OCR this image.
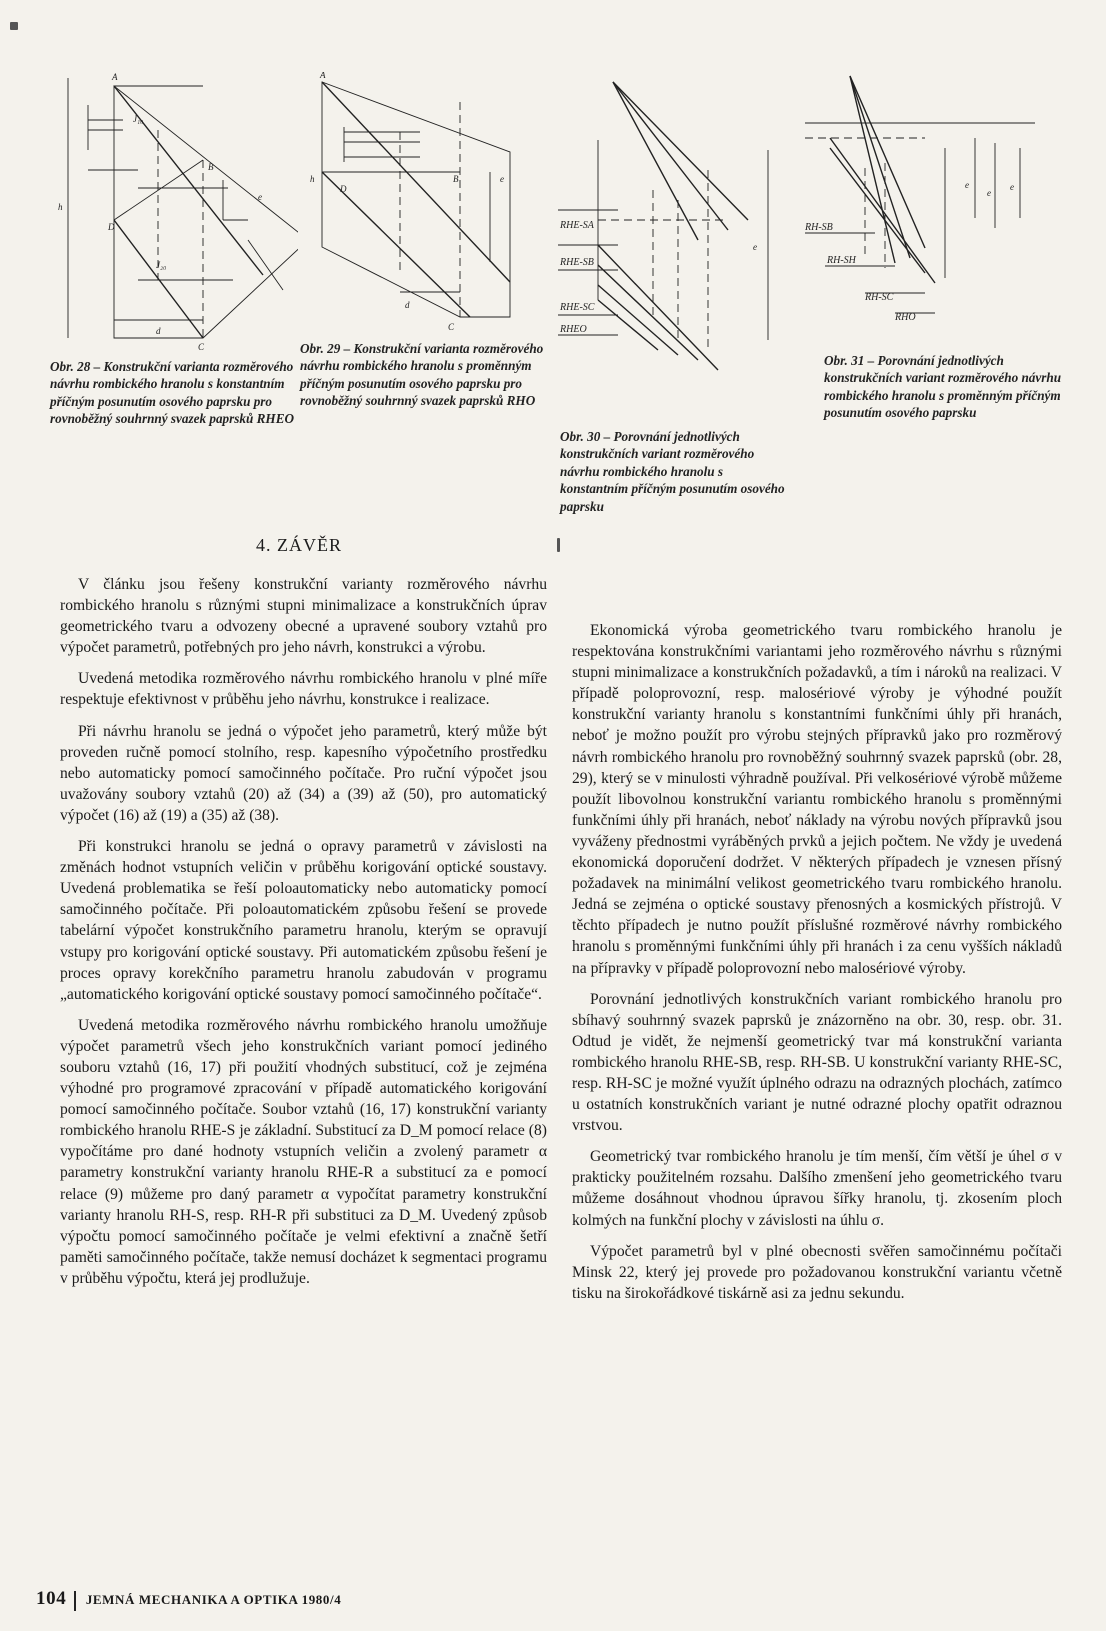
A
D
d
C
B
e
h
J₁₀
J₂₀
Obr. 28 – Konstrukční varianta rozměrového návrhu rombického hranolu s konstantním příčným posunutím osového paprsku pro rovnoběžný souhrnný svazek paprsků RHEO
A
B
C
D
d
e
h
Obr. 29 – Konstrukční varianta rozměrového návrhu rombického hranolu s proměnným příčným posunutím osového paprsku pro rovnoběžný souhrnný svazek paprsků RHO
RHE-SA
RHE-SB
RHE-SC
RHEO
e
Obr. 30 – Porovnání jednotlivých konstrukčních variant rozměrového návrhu rombického hranolu s konstantním příčným posunutím osového paprsku
RH-SB
RH-SH
RH-SC
RHO
e
e
e
Obr. 31 – Porovnání jednotlivých konstrukčních variant rozměrového návrhu rombického hranolu s proměnným příčným posunutím osového paprsku
4. ZÁVĚR

V článku jsou řešeny konstrukční varianty rozměrového návrhu rombického hranolu s různými stupni minimalizace a konstrukčních úprav geometrického tvaru a odvozeny obecné a upravené soubory vztahů pro výpočet parametrů, potřebných pro jeho návrh, konstrukci a výrobu.

Uvedená metodika rozměrového návrhu rombického hranolu v plné míře respektuje efektivnost v průběhu jeho návrhu, konstrukce i realizace.

Při návrhu hranolu se jedná o výpočet jeho parametrů, který může být proveden ručně pomocí stolního, resp. kapesního výpočetního prostředku nebo automaticky pomocí samočinného počítače. Pro ruční výpočet jsou uvažovány soubory vztahů (20) až (34) a (39) až (50), pro automatický výpočet (16) až (19) a (35) až (38).

Při konstrukci hranolu se jedná o opravy parametrů v závislosti na změnách hodnot vstupních veličin v průběhu korigování optické soustavy. Uvedená problematika se řeší poloautomaticky nebo automaticky pomocí samočinného počítače. Při poloautomatickém způsobu řešení se provede tabelární výpočet konstrukčního parametru hranolu, kterým se opravují vstupy pro korigování optické soustavy. Při automatickém způsobu řešení je proces opravy korekčního parametru hranolu zabudován v programu „automatického korigování optické soustavy pomocí samočinného počítače“.

Uvedená metodika rozměrového návrhu rombického hranolu umožňuje výpočet parametrů všech jeho konstrukčních variant pomocí jediného souboru vztahů (16, 17) při použití vhodných substitucí, což je zejména výhodné pro programové zpracování v případě automatického korigování pomocí samočinného počítače. Soubor vztahů (16, 17) konstrukční varianty rombického hranolu RHE-S je základní. Substitucí za D_M pomocí relace (8) vypočítáme pro dané hodnoty vstupních veličin a zvolený parametr α parametry konstrukční varianty hranolu RHE-R a substitucí za e pomocí relace (9) můžeme pro daný parametr α vypočítat parametry konstrukční varianty hranolu RH-S, resp. RH-R při substituci za D_M. Uvedený způsob výpočtu pomocí samočinného počítače je velmi efektivní a značně šetří paměti samočinného počítače, takže nemusí docházet k segmentaci programu v průběhu výpočtu, která jej prodlužuje.

Ekonomická výroba geometrického tvaru rombického hranolu je respektována konstrukčními variantami jeho rozměrového návrhu s různými stupni minimalizace a konstrukčních požadavků, a tím i nároků na realizaci. V případě poloprovozní, resp. malosériové výroby je výhodné použít konstrukční varianty hranolu s konstantními funkčními úhly při hranách, neboť je možno použít pro výrobu stejných přípravků jako pro rozměrový návrh rombického hranolu pro rovnoběžný souhrnný svazek paprsků (obr. 28, 29), který se v minulosti výhradně používal. Při velkosériové výrobě můžeme použít libovolnou konstrukční variantu rombického hranolu s proměnnými funkčními úhly při hranách, neboť náklady na výrobu nových přípravků jsou vyváženy přednostmi vyráběných prvků a jejich počtem. Ne vždy je uvedená ekonomická doporučení dodržet. V některých případech je vznesen přísný požadavek na minimální velikost geometrického tvaru rombického hranolu. Jedná se zejména o optické soustavy přenosných a kosmických přístrojů. V těchto případech je nutno použít příslušné rozměrové návrhy rombického hranolu s proměnnými funkčními úhly při hranách i za cenu vyšších nákladů na přípravky v případě poloprovozní nebo malosériové výroby.

Porovnání jednotlivých konstrukčních variant rombického hranolu pro sbíhavý souhrnný svazek paprsků je znázorněno na obr. 30, resp. obr. 31. Odtud je vidět, že nejmenší geometrický tvar má konstrukční varianta rombického hranolu RHE-SB, resp. RH-SB. U konstrukční varianty RHE-SC, resp. RH-SC je možné využít úplného odrazu na odrazných plochách, zatímco u ostatních konstrukčních variant je nutné odrazné plochy opatřit odraznou vrstvou.

Geometrický tvar rombického hranolu je tím menší, čím větší je úhel σ v prakticky použitelném rozsahu. Dalšího zmenšení jeho geometrického tvaru můžeme dosáhnout vhodnou úpravou šířky hranolu, tj. zkosením ploch kolmých na funkční plochy v závislosti na úhlu σ.

Výpočet parametrů byl v plné obecnosti svěřen samočinnému počítači Minsk 22, který jej provede pro požadovanou konstrukční variantu včetně tisku na širokořádkové tiskárně asi za jednu sekundu.

104 JEMNÁ MECHANIKA A OPTIKA 1980/4
